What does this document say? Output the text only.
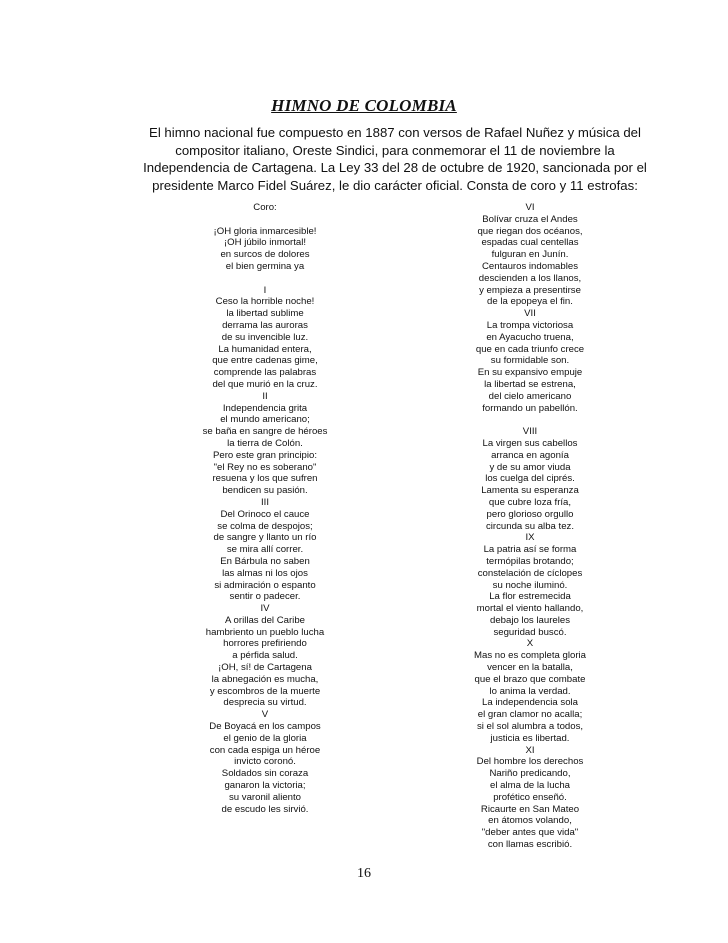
HIMNO DE COLOMBIA
El himno nacional fue compuesto en 1887 con versos de Rafael Nuñez y música del compositor italiano, Oreste Sindici, para conmemorar el 11 de noviembre la Independencia de Cartagena. La Ley 33 del 28 de octubre de 1920, sancionada por el presidente Marco Fidel Suárez, le dio carácter oficial. Consta de coro y 11 estrofas:
Coro:
¡OH gloria inmarcesible!
¡OH júbilo inmortal!
en surcos de dolores
el bien germina ya
I
Ceso la horrible noche!
la libertad sublime
derrama las auroras
de su invencible luz.
La humanidad entera,
que entre cadenas gime,
comprende las palabras
del que murió en la cruz.
II
Independencia grita
el mundo americano;
se baña en sangre de héroes
la tierra de Colón.
Pero este gran principio:
"el Rey no es soberano"
resuena y los que sufren
bendicen su pasión.
III
Del Orinoco el cauce
se colma de despojos;
de sangre y llanto un río
se mira allí correr.
En Bárbula no saben
las almas ni los ojos
si admiración o espanto
sentir o padecer.
IV
A orillas del Caribe
hambriento un pueblo lucha
horrores prefiriendo
a pérfida salud.
¡OH, sí! de Cartagena
la abnegación es mucha,
y escombros de la muerte
desprecia su virtud.
V
De Boyacá en los campos
el genio de la gloria
con cada espiga un héroe
invicto coronó.
Soldados sin coraza
ganaron la victoria;
su varonil aliento
de escudo les sirvió.
VI
Bolívar cruza el Andes
que riegan dos océanos,
espadas cual centellas
fulguran en Junín.
Centauros indomables
descienden a los llanos,
y empieza a presentirse
de la epopeya el fin.
VII
La trompa victoriosa
en Ayacucho truena,
que en cada triunfo crece
su formidable son.
En su expansivo empuje
la libertad se estrena,
del cielo americano
formando un pabellón.
VIII
La virgen sus cabellos
arranca en agonía
y de su amor viuda
los cuelga del ciprés.
Lamenta su esperanza
que cubre loza fría,
pero glorioso orgullo
circunda su alba tez.
IX
La patria así se forma
termópilas brotando;
constelación de cíclopes
su noche iluminó.
La flor estremecida
mortal el viento hallando,
debajo los laureles
seguridad buscó.
X
Mas no es completa gloria
vencer en la batalla,
que el brazo que combate
lo anima la verdad.
La independencia sola
el gran clamor no acalla;
si el sol alumbra a todos,
justicia es libertad.
XI
Del hombre los derechos
Nariño predicando,
el alma de la lucha
profético enseñó.
Ricaurte en San Mateo
en átomos volando,
"deber antes que vida"
con llamas escribió.
16
